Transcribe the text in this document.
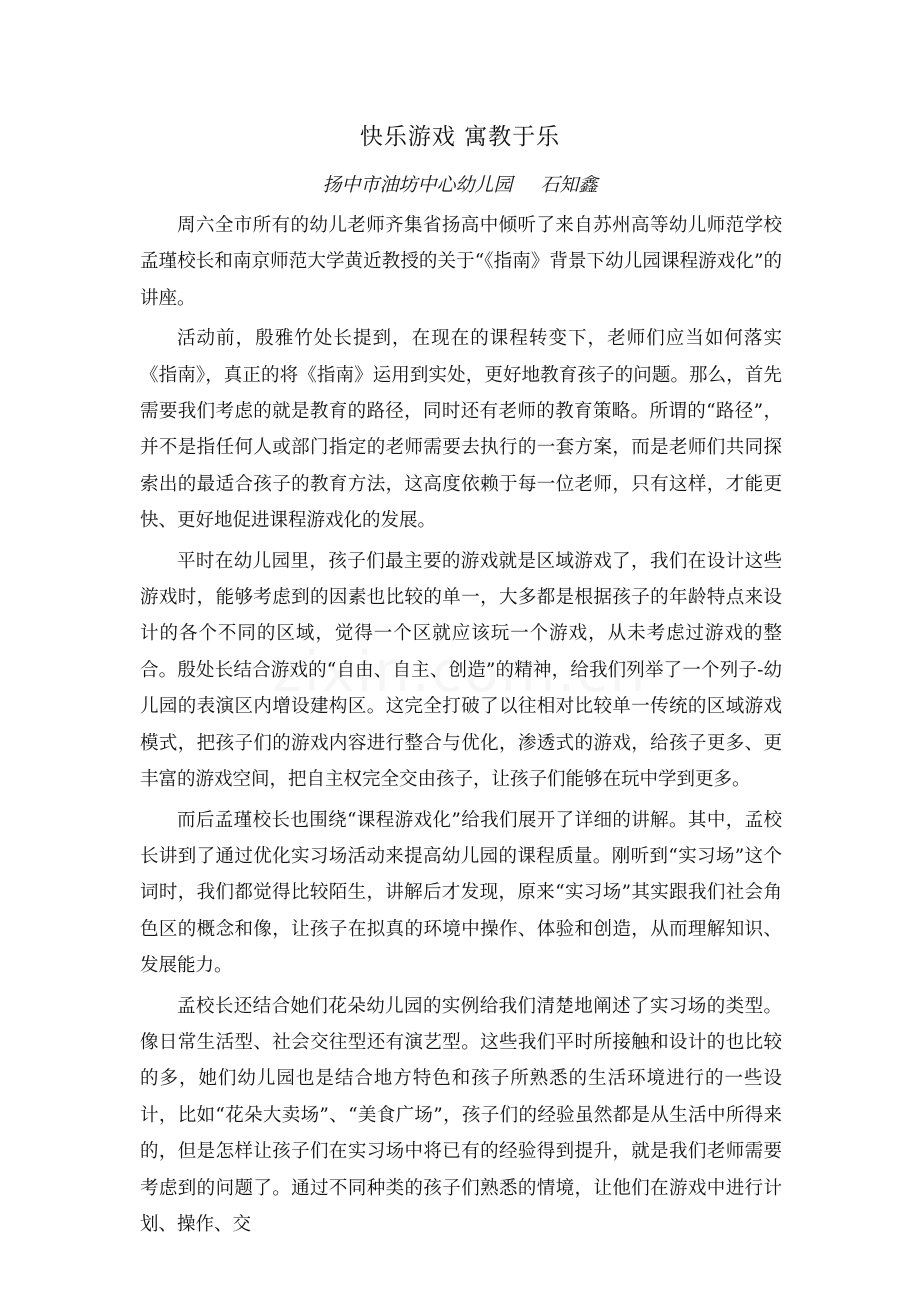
快乐游戏 寓教于乐
扬中市油坊中心幼儿园 石知鑫

周六全市所有的幼儿老师齐集省扬高中倾听了来自苏州高等幼儿师范学校孟瑾校长和南京师范大学黄近教授的关于“《指南》背景下幼儿园课程游戏化”的讲座。

活动前，殷雅竹处长提到，在现在的课程转变下，老师们应当如何落实《指南》，真正的将《指南》运用到实处，更好地教育孩子的问题。那么，首先需要我们考虑的就是教育的路径，同时还有老师的教育策略。所谓的“路径”，并不是指任何人或部门指定的老师需要去执行的一套方案，而是老师们共同探索出的最适合孩子的教育方法，这高度依赖于每一位老师，只有这样，才能更快、更好地促进课程游戏化的发展。

平时在幼儿园里，孩子们最主要的游戏就是区域游戏了，我们在设计这些游戏时，能够考虑到的因素也比较的单一，大多都是根据孩子的年龄特点来设计的各个不同的区域，觉得一个区就应该玩一个游戏，从未考虑过游戏的整合。殷处长结合游戏的“自由、自主、创造”的精神，给我们列举了一个列子-幼儿园的表演区内增设建构区。这完全打破了以往相对比较单一传统的区域游戏模式，把孩子们的游戏内容进行整合与优化，渗透式的游戏，给孩子更多、更丰富的游戏空间，把自主权完全交由孩子，让孩子们能够在玩中学到更多。

而后孟瑾校长也围绕“课程游戏化”给我们展开了详细的讲解。其中，孟校长讲到了通过优化实习场活动来提高幼儿园的课程质量。刚听到“实习场”这个词时，我们都觉得比较陌生，讲解后才发现，原来“实习场”其实跟我们社会角色区的概念和像，让孩子在拟真的环境中操作、体验和创造，从而理解知识、发展能力。

孟校长还结合她们花朵幼儿园的实例给我们清楚地阐述了实习场的类型。像日常生活型、社会交往型还有演艺型。这些我们平时所接触和设计的也比较的多，她们幼儿园也是结合地方特色和孩子所熟悉的生活环境进行的一些设计，比如“花朵大卖场”、“美食广场”，孩子们的经验虽然都是从生活中所得来的，但是怎样让孩子们在实习场中将已有的经验得到提升，就是我们老师需要考虑到的问题了。通过不同种类的孩子们熟悉的情境，让他们在游戏中进行计划、操作、交
